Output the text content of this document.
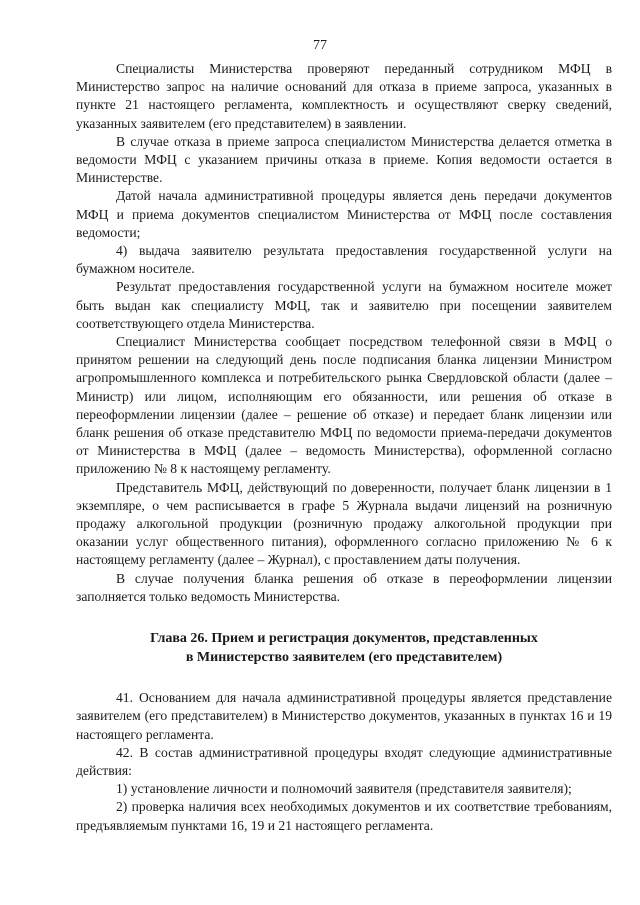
77

Специалисты Министерства проверяют переданный сотрудником МФЦ в Министерство запрос на наличие оснований для отказа в приеме запроса, указанных в пункте 21 настоящего регламента, комплектность и осуществляют сверку сведений, указанных заявителем (его представителем) в заявлении.

В случае отказа в приеме запроса специалистом Министерства делается отметка в ведомости МФЦ с указанием причины отказа в приеме. Копия ведомости остается в Министерстве.

Датой начала административной процедуры является день передачи документов МФЦ и приема документов специалистом Министерства от МФЦ после составления ведомости;

4) выдача заявителю результата предоставления государственной услуги на бумажном носителе.

Результат предоставления государственной услуги на бумажном носителе может быть выдан как специалисту МФЦ, так и заявителю при посещении заявителем соответствующего отдела Министерства.

Специалист Министерства сообщает посредством телефонной связи в МФЦ о принятом решении на следующий день после подписания бланка лицензии Министром агропромышленного комплекса и потребительского рынка Свердловской области (далее – Министр) или лицом, исполняющим его обязанности, или решения об отказе в переоформлении лицензии (далее – решение об отказе) и передает бланк лицензии или бланк решения об отказе представителю МФЦ по ведомости приема-передачи документов от Министерства в МФЦ (далее – ведомость Министерства), оформленной согласно приложению № 8 к настоящему регламенту.

Представитель МФЦ, действующий по доверенности, получает бланк лицензии в 1 экземпляре, о чем расписывается в графе 5 Журнала выдачи лицензий на розничную продажу алкогольной продукции (розничную продажу алкогольной продукции при оказании услуг общественного питания), оформленного согласно приложению № 6 к настоящему регламенту (далее – Журнал), с проставлением даты получения.

В случае получения бланка решения об отказе в переоформлении лицензии заполняется только ведомость Министерства.

Глава 26. Прием и регистрация документов, представленных
в Министерство заявителем (его представителем)

41. Основанием для начала административной процедуры является представление заявителем (его представителем) в Министерство документов, указанных в пунктах 16 и 19 настоящего регламента.

42. В состав административной процедуры входят следующие административные действия:

1) установление личности и полномочий заявителя (представителя заявителя);

2) проверка наличия всех необходимых документов и их соответствие требованиям, предъявляемым пунктами 16, 19 и 21 настоящего регламента.
